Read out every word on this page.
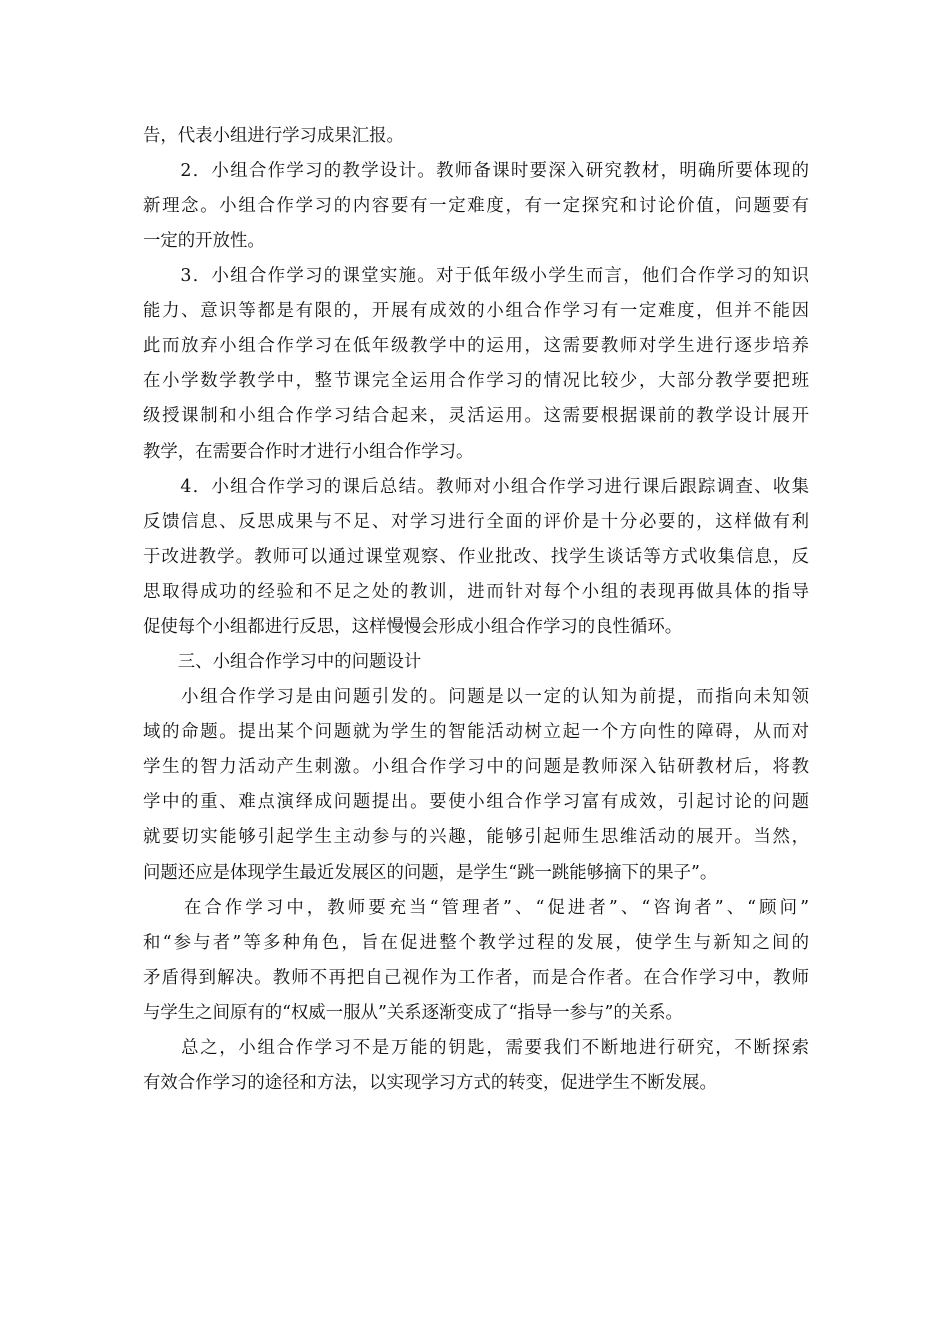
告，代表小组进行学习成果汇报。

　　2．小组合作学习的教学设计。教师备课时要深入研究教材，明确所要体现的

新理念。小组合作学习的内容要有一定难度，有一定探究和讨论价值，问题要有

一定的开放性。

　　3．小组合作学习的课堂实施。对于低年级小学生而言，他们合作学习的知识

能力、意识等都是有限的，开展有成效的小组合作学习有一定难度，但并不能因

此而放弃小组合作学习在低年级教学中的运用，这需要教师对学生进行逐步培养

在小学数学教学中，整节课完全运用合作学习的情况比较少，大部分教学要把班

级授课制和小组合作学习结合起来，灵活运用。这需要根据课前的教学设计展开

教学，在需要合作时才进行小组合作学习。

　　4．小组合作学习的课后总结。教师对小组合作学习进行课后跟踪调查、收集

反馈信息、反思成果与不足、对学习进行全面的评价是十分必要的，这样做有利

于改进教学。教师可以通过课堂观察、作业批改、找学生谈话等方式收集信息，反

思取得成功的经验和不足之处的教训，进而针对每个小组的表现再做具体的指导

促使每个小组都进行反思，这样慢慢会形成小组合作学习的良性循环。

　　三、小组合作学习中的问题设计

　　小组合作学习是由问题引发的。问题是以一定的认知为前提，而指向未知领

域的命题。提出某个问题就为学生的智能活动树立起一个方向性的障碍，从而对

学生的智力活动产生刺激。小组合作学习中的问题是教师深入钻研教材后，将教

学中的重、难点演绎成问题提出。要使小组合作学习富有成效，引起讨论的问题

就要切实能够引起学生主动参与的兴趣，能够引起师生思维活动的展开。当然，

问题还应是体现学生最近发展区的问题，是学生“跳一跳能够摘下的果子”。

　　在合作学习中，教师要充当“管理者”、“促进者”、“咨询者”、“顾问”

和“参与者”等多种角色，旨在促进整个教学过程的发展，使学生与新知之间的

矛盾得到解决。教师不再把自己视作为工作者，而是合作者。在合作学习中，教师

与学生之间原有的“权威一服从”关系逐渐变成了“指导一参与”的关系。

　　总之，小组合作学习不是万能的钥匙，需要我们不断地进行研究，不断探索

有效合作学习的途径和方法，以实现学习方式的转变，促进学生不断发展。
